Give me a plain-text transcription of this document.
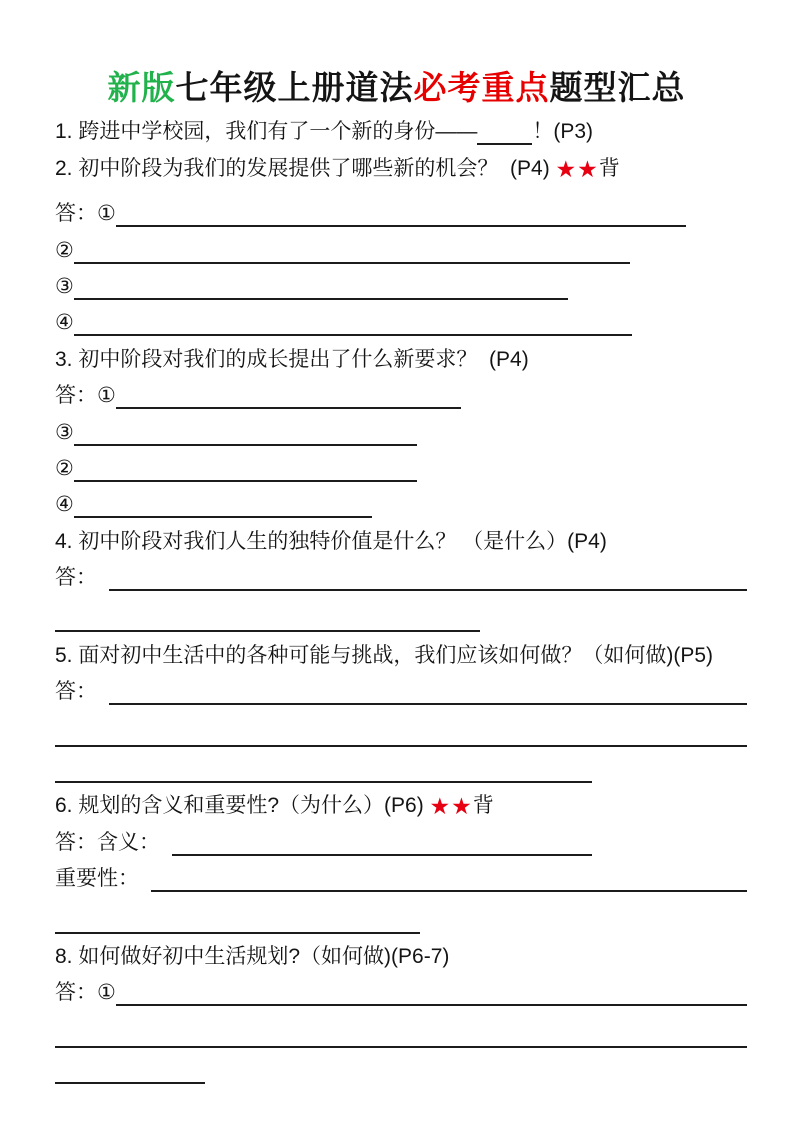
新版七年级上册道法必考重点题型汇总
1. 跨进中学校园，我们有了一个新的身份——	！(P3)
2. 初中阶段为我们的发展提供了哪些新的机会？  (P4) ★★ 背
答：①
②
③
④
3. 初中阶段对我们的成长提出了什么新要求？  (P4)
答：①
③
②
④
4. 初中阶段对我们人生的独特价值是什么？ （是什么）(P4)
答：
5. 面对初中生活中的各种可能与挑战，我们应该如何做？（如何做)(P5)
答：
6. 规划的含义和重要性?（为什么）(P6) ★★ 背
答：含义：
重要性：
8. 如何做好初中生活规划?（如何做)(P6-7)
答：①
